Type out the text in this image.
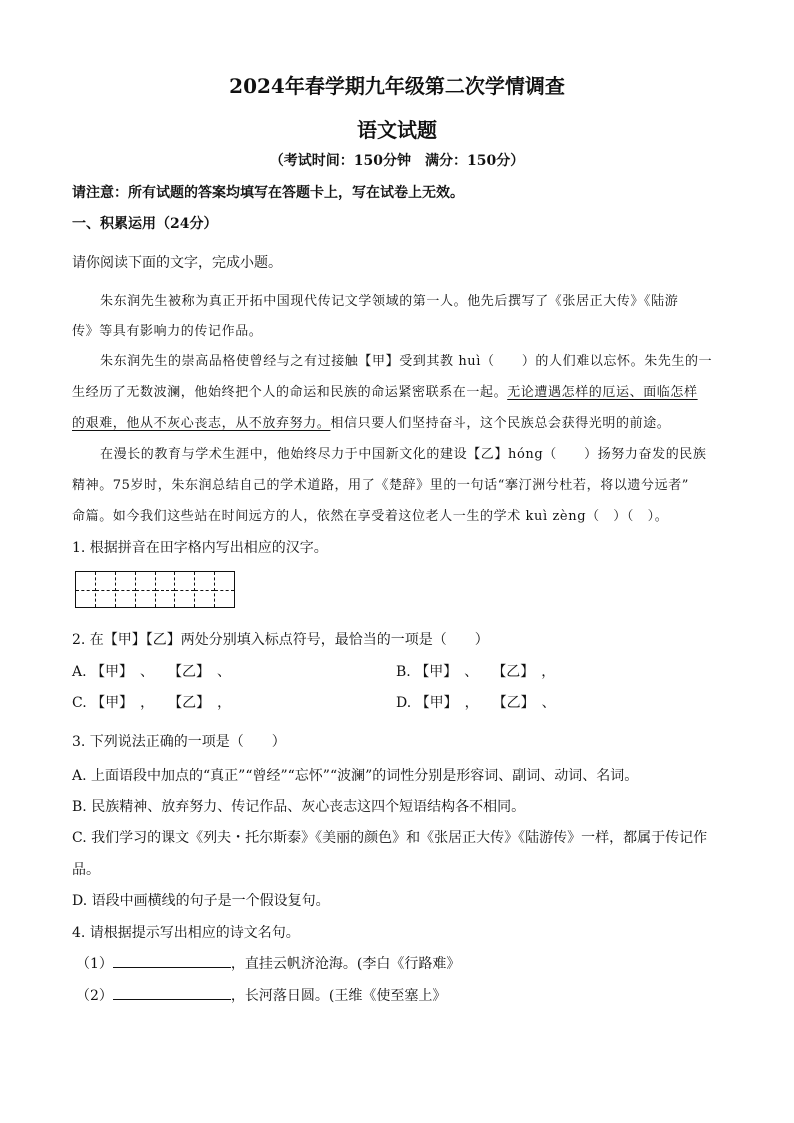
2024年春学期九年级第二次学情调查
语文试题
（考试时间：150分钟　满分：150分）
请注意：所有试题的答案均填写在答题卡上，写在试卷上无效。
一、积累运用（24分）
请你阅读下面的文字，完成小题。
朱东润先生被称为真正开拓中国现代传记文学领域的第一人。他先后撰写了《张居正大传》《陆游
传》等具有影响力的传记作品。
朱东润先生的崇高品格使曾经与之有过接触【甲】受到其教 huì（　　）的人们难以忘怀。朱先生的一
生经历了无数波澜，他始终把个人的命运和民族的命运紧密联系在一起。无论遭遇怎样的厄运、面临怎样
的艰难，他从不灰心丧志，从不放弃努力。相信只要人们坚持奋斗，这个民族总会获得光明的前途。
在漫长的教育与学术生涯中，他始终尽力于中国新文化的建设【乙】hóng（　　）扬努力奋发的民族
精神。75岁时，朱东润总结自己的学术道路，用了《楚辞》里的一句话“搴汀洲兮杜若，将以遗兮远者”
命篇。如今我们这些站在时间远方的人，依然在享受着这位老人一生的学术 kuì zèng（　）（　）。
1. 根据拼音在田字格内写出相应的汉字。
2. 在【甲】【乙】两处分别填入标点符号，最恰当的一项是（　　）
A. 【甲】　、　　【乙】　、	B. 【甲】　、　　【乙】　，
C. 【甲】　，　　【乙】　，	D. 【甲】　，　　【乙】　、
3. 下列说法正确的一项是（　　）
A. 上面语段中加点的“真正”“曾经”“忘怀”“波澜”的词性分别是形容词、副词、动词、名词。
B. 民族精神、放弃努力、传记作品、灰心丧志这四个短语结构各不相同。
C. 我们学习的课文《列夫・托尔斯泰》《美丽的颜色》和《张居正大传》《陆游传》一样，都属于传记作
品。
D. 语段中画横线的句子是一个假设复句。
4. 请根据提示写出相应的诗文名句。
（1）	，直挂云帆济沧海。(李白《行路难》
（2）	，长河落日圆。(王维《使至塞上》
